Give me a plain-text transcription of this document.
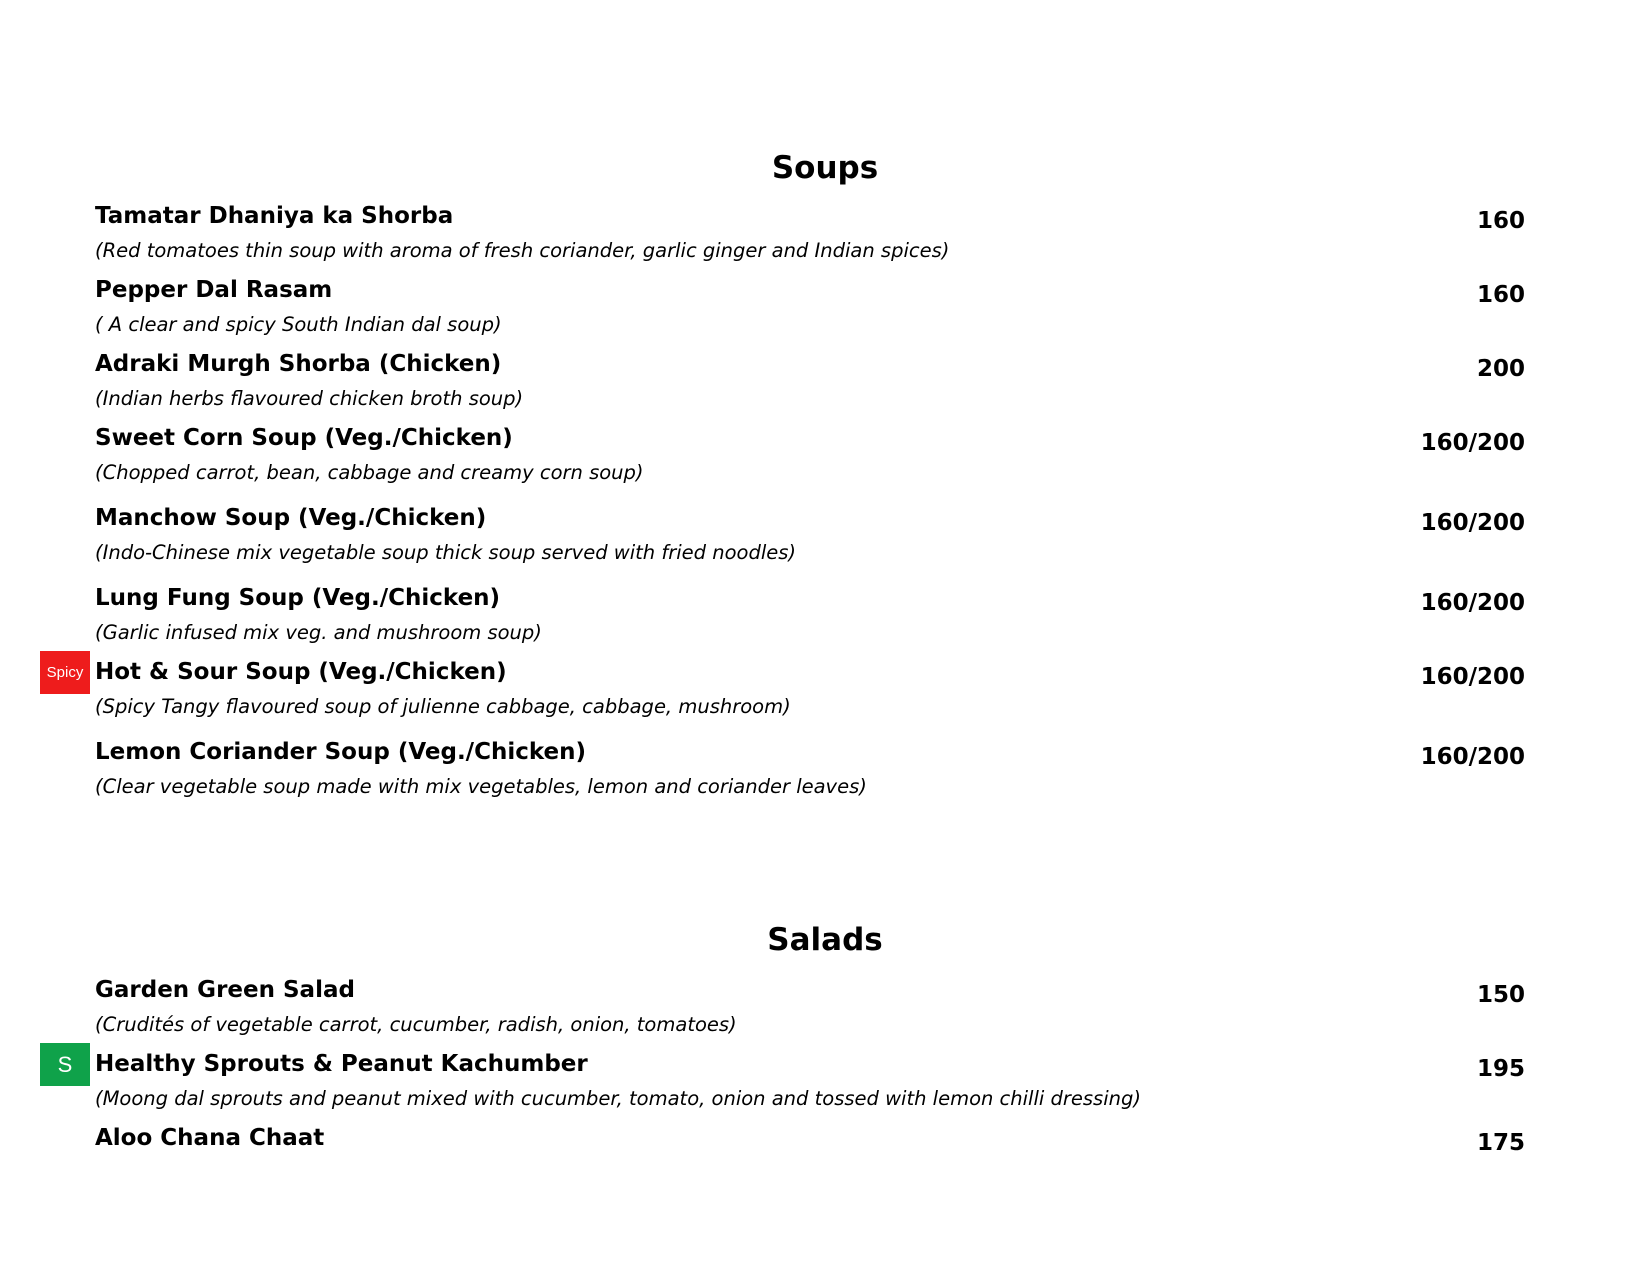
Soups
Tamatar Dhaniya ka Shorba	160
(Red tomatoes thin soup with aroma of fresh coriander, garlic ginger and Indian spices)
Pepper Dal Rasam	160
( A clear and spicy South Indian dal soup)
Adraki Murgh Shorba (Chicken)	200
(Indian herbs flavoured chicken broth soup)
Sweet Corn Soup (Veg./Chicken)	160/200
(Chopped carrot, bean, cabbage and creamy corn soup)
Manchow Soup (Veg./Chicken)	160/200
(Indo-Chinese mix vegetable soup thick soup served with fried noodles)
Lung Fung Soup (Veg./Chicken)	160/200
(Garlic infused mix veg. and mushroom soup)
Spicy Hot & Sour Soup (Veg./Chicken)	160/200
(Spicy Tangy flavoured soup of julienne cabbage, cabbage, mushroom)
Lemon Coriander Soup (Veg./Chicken)	160/200
(Clear vegetable soup made with mix vegetables, lemon and coriander leaves)
Salads
Garden Green Salad	150
(Crudités of vegetable carrot, cucumber, radish, onion, tomatoes)
S Healthy Sprouts & Peanut Kachumber	195
(Moong dal sprouts and peanut mixed with cucumber, tomato, onion and tossed with lemon chilli dressing)
Aloo Chana Chaat	175
